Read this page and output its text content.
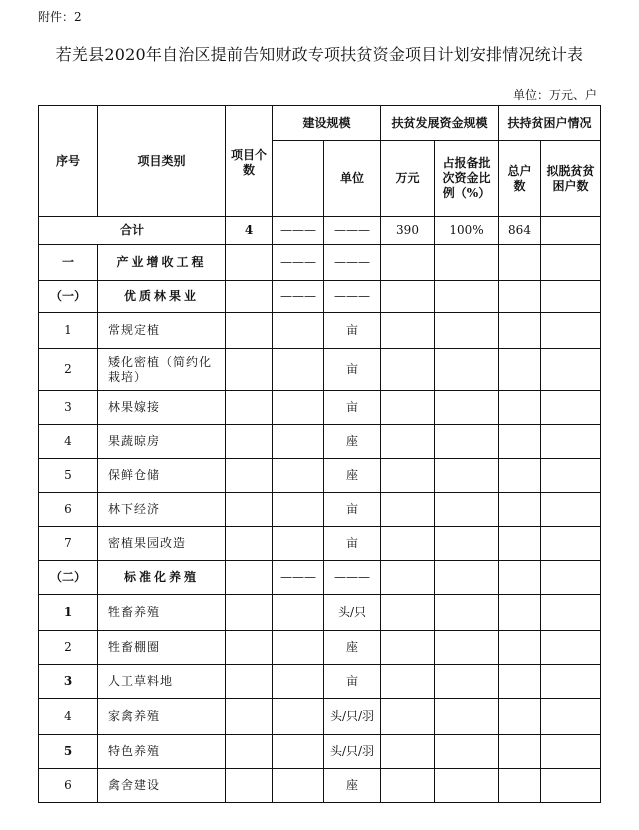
附件：2
若羌县2020年自治区提前告知财政专项扶贫资金项目计划安排情况统计表
单位：万元、户
序号	项目类别	项目个数	建设规模		扶贫发展资金规模		扶持贫困户情况	
				单位	万元	占报备批次资金比例（%）	总户数	拟脱贫贫困户数
合计		4	———	———	390	100%	864	
一	产业增收工程		———	———				
（一）	优质林果业		———	———				
1	常规定植			亩				
2	矮化密植（简约化栽培）			亩				
3	林果嫁接			亩				
4	果蔬晾房			座				
5	保鲜仓储			座				
6	林下经济			亩				
7	密植果园改造			亩				
（二）	标准化养殖		———	———				
1	牲畜养殖			头/只				
2	牲畜棚圈			座				
3	人工草料地			亩				
4	家禽养殖			头/只/羽				
5	特色养殖			头/只/羽				
6	禽舍建设			座				
